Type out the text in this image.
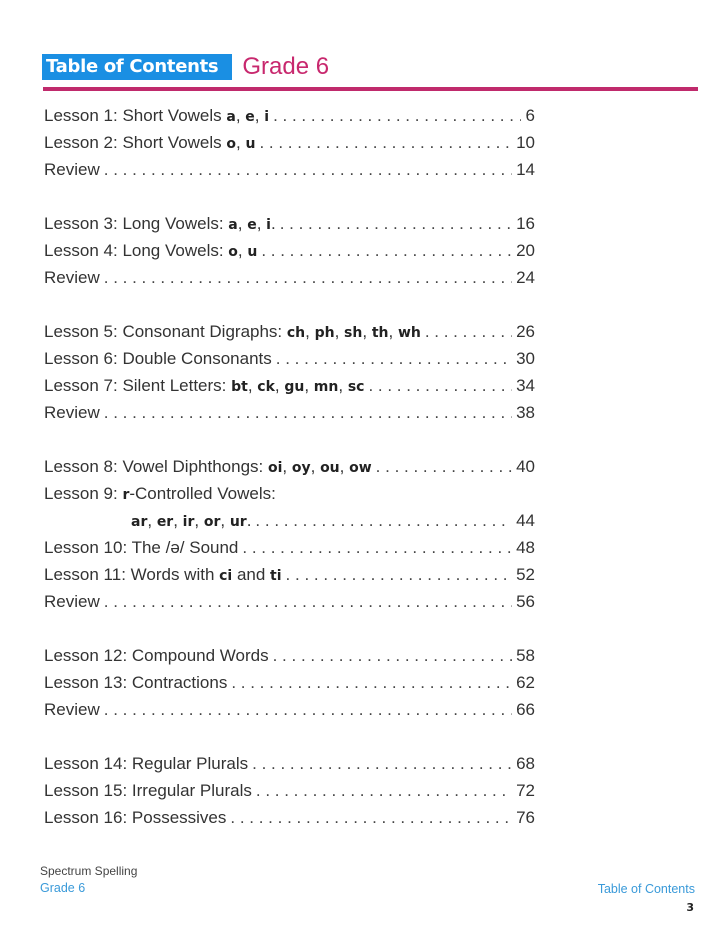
Table of Contents	Grade 6
Lesson 1: Short Vowels a , e , i . . .	6
Lesson 2: Short Vowels o , u . . .	10
Review . . .	14
Lesson 3: Long Vowels: a , e , i . . . .	16
Lesson 4: Long Vowels: o , u . . .	20
Review . . .	24
Lesson 5: Consonant Digraphs: ch , ph , sh , th , wh . . .	26
Lesson 6: Double Consonants . . .	30
Lesson 7: Silent Letters: bt , ck , gu , mn , sc . . .	34
Review . . .	38
Lesson 8: Vowel Diphthongs: oi , oy , ou , ow . . .	40
Lesson 9: r -Controlled Vowels:
ar , er , ir , or , ur . . . .	44
Lesson 10: The /ə/ Sound . . .	48
Lesson 11: Words with ci and ti . . .	52
Review . . .	56
Lesson 12: Compound Words . . .	58
Lesson 13: Contractions . . .	62
Review . . .	66
Lesson 14: Regular Plurals . . .	68
Lesson 15: Irregular Plurals . . .	72
Lesson 16: Possessives . . .	76
Spectrum Spelling
Grade 6	Table of Contents
3
